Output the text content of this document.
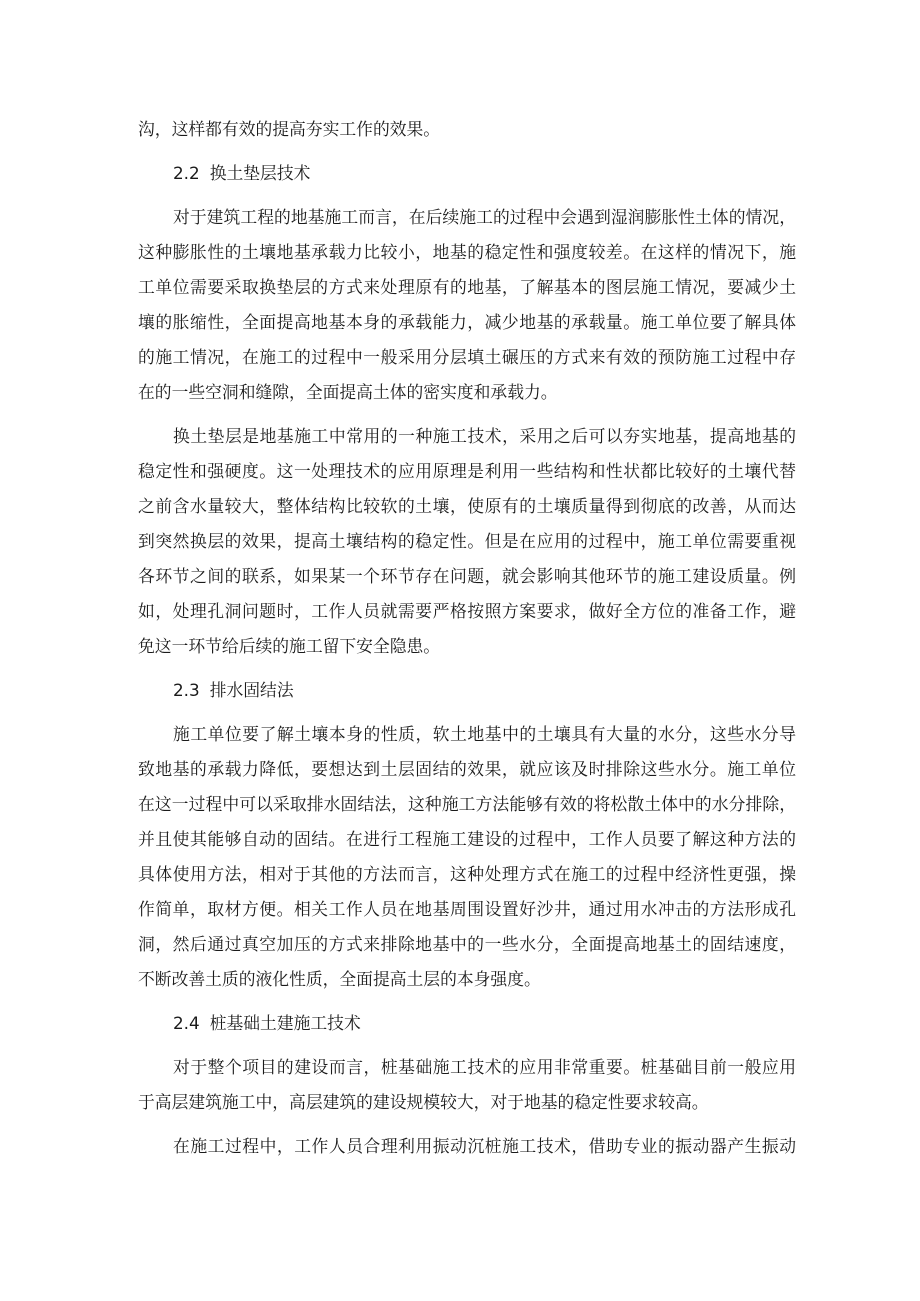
沟，这样都有效的提高夯实工作的效果。
2.2 换土垫层技术
对于建筑工程的地基施工而言，在后续施工的过程中会遇到湿润膨胀性土体的情况，
这种膨胀性的土壤地基承载力比较小，地基的稳定性和强度较差。在这样的情况下，施
工单位需要采取换垫层的方式来处理原有的地基，了解基本的图层施工情况，要减少土
壤的胀缩性，全面提高地基本身的承载能力，减少地基的承载量。施工单位要了解具体
的施工情况，在施工的过程中一般采用分层填土碾压的方式来有效的预防施工过程中存
在的一些空洞和缝隙，全面提高土体的密实度和承载力。
换土垫层是地基施工中常用的一种施工技术，采用之后可以夯实地基，提高地基的
稳定性和强硬度。这一处理技术的应用原理是利用一些结构和性状都比较好的土壤代替
之前含水量较大，整体结构比较软的土壤，使原有的土壤质量得到彻底的改善，从而达
到突然换层的效果，提高土壤结构的稳定性。但是在应用的过程中，施工单位需要重视
各环节之间的联系，如果某一个环节存在问题，就会影响其他环节的施工建设质量。例
如，处理孔洞问题时，工作人员就需要严格按照方案要求，做好全方位的准备工作，避
免这一环节给后续的施工留下安全隐患。
2.3 排水固结法
施工单位要了解土壤本身的性质，软土地基中的土壤具有大量的水分，这些水分导
致地基的承载力降低，要想达到土层固结的效果，就应该及时排除这些水分。施工单位
在这一过程中可以采取排水固结法，这种施工方法能够有效的将松散土体中的水分排除，
并且使其能够自动的固结。在进行工程施工建设的过程中，工作人员要了解这种方法的
具体使用方法，相对于其他的方法而言，这种处理方式在施工的过程中经济性更强，操
作简单，取材方便。相关工作人员在地基周围设置好沙井，通过用水冲击的方法形成孔
洞，然后通过真空加压的方式来排除地基中的一些水分，全面提高地基土的固结速度，
不断改善土质的液化性质，全面提高土层的本身强度。
2.4 桩基础土建施工技术
对于整个项目的建设而言，桩基础施工技术的应用非常重要。桩基础目前一般应用
于高层建筑施工中，高层建筑的建设规模较大，对于地基的稳定性要求较高。
在施工过程中，工作人员合理利用振动沉桩施工技术，借助专业的振动器产生振动
